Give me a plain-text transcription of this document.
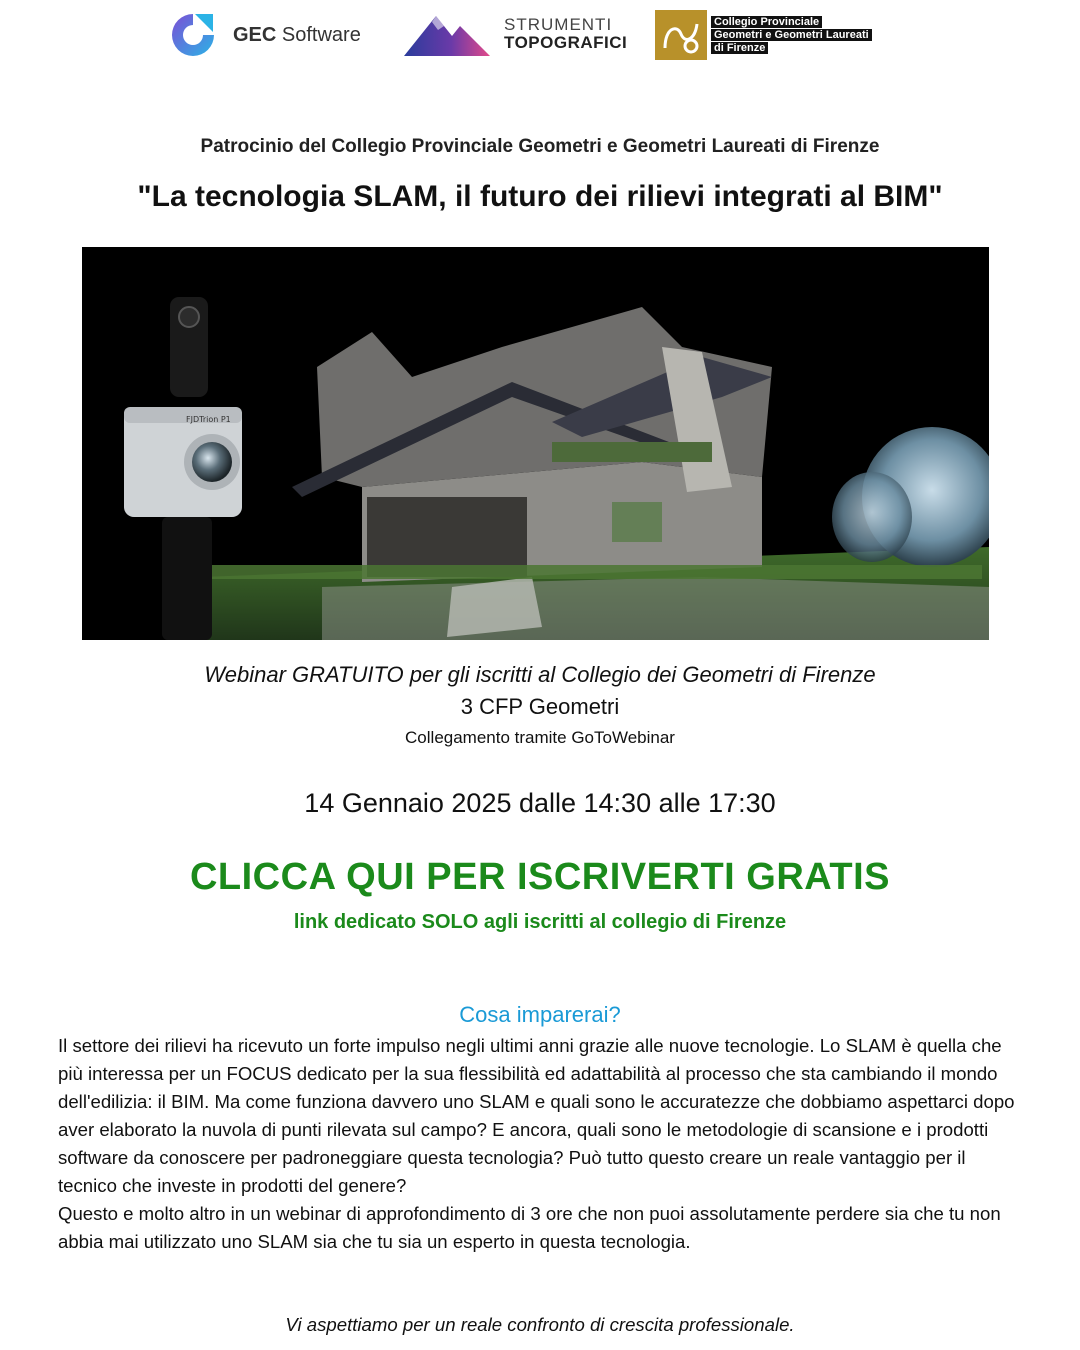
GEC Software	STRUMENTI
TOPOGRAFICI
Collegio Provinciale
Geometri e Geometri Laureati
di Firenze
Patrocinio del Collegio Provinciale Geometri e Geometri Laureati di Firenze
"La tecnologia SLAM, il futuro dei rilievi integrati al BIM"
FJDTrion P1
Webinar GRATUITO per gli iscritti al Collegio dei Geometri di Firenze
3 CFP Geometri
Collegamento tramite GoToWebinar
14 Gennaio 2025 dalle 14:30 alle 17:30
CLICCA QUI PER ISCRIVERTI GRATIS
link dedicato SOLO agli iscritti al collegio di Firenze
Cosa imparerai?

Il settore dei rilievi ha ricevuto un forte impulso negli ultimi anni grazie alle nuove tecnologie. Lo SLAM è quella che più interessa per un FOCUS dedicato per la sua flessibilità ed adattabilità al processo che sta cambiando il mondo dell'edilizia: il BIM. Ma come funziona davvero uno SLAM e quali sono le accuratezze che dobbiamo aspettarci dopo aver elaborato la nuvola di punti rilevata sul campo? E ancora, quali sono le metodologie di scansione e i prodotti software da conoscere per padroneggiare questa tecnologia? Può tutto questo creare un reale vantaggio per il tecnico che investe in prodotti del genere?

Questo e molto altro in un webinar di approfondimento di 3 ore che non puoi assolutamente perdere sia che tu non abbia mai utilizzato uno SLAM sia che tu sia un esperto in questa tecnologia.

Vi aspettiamo per un reale confronto di crescita professionale.
